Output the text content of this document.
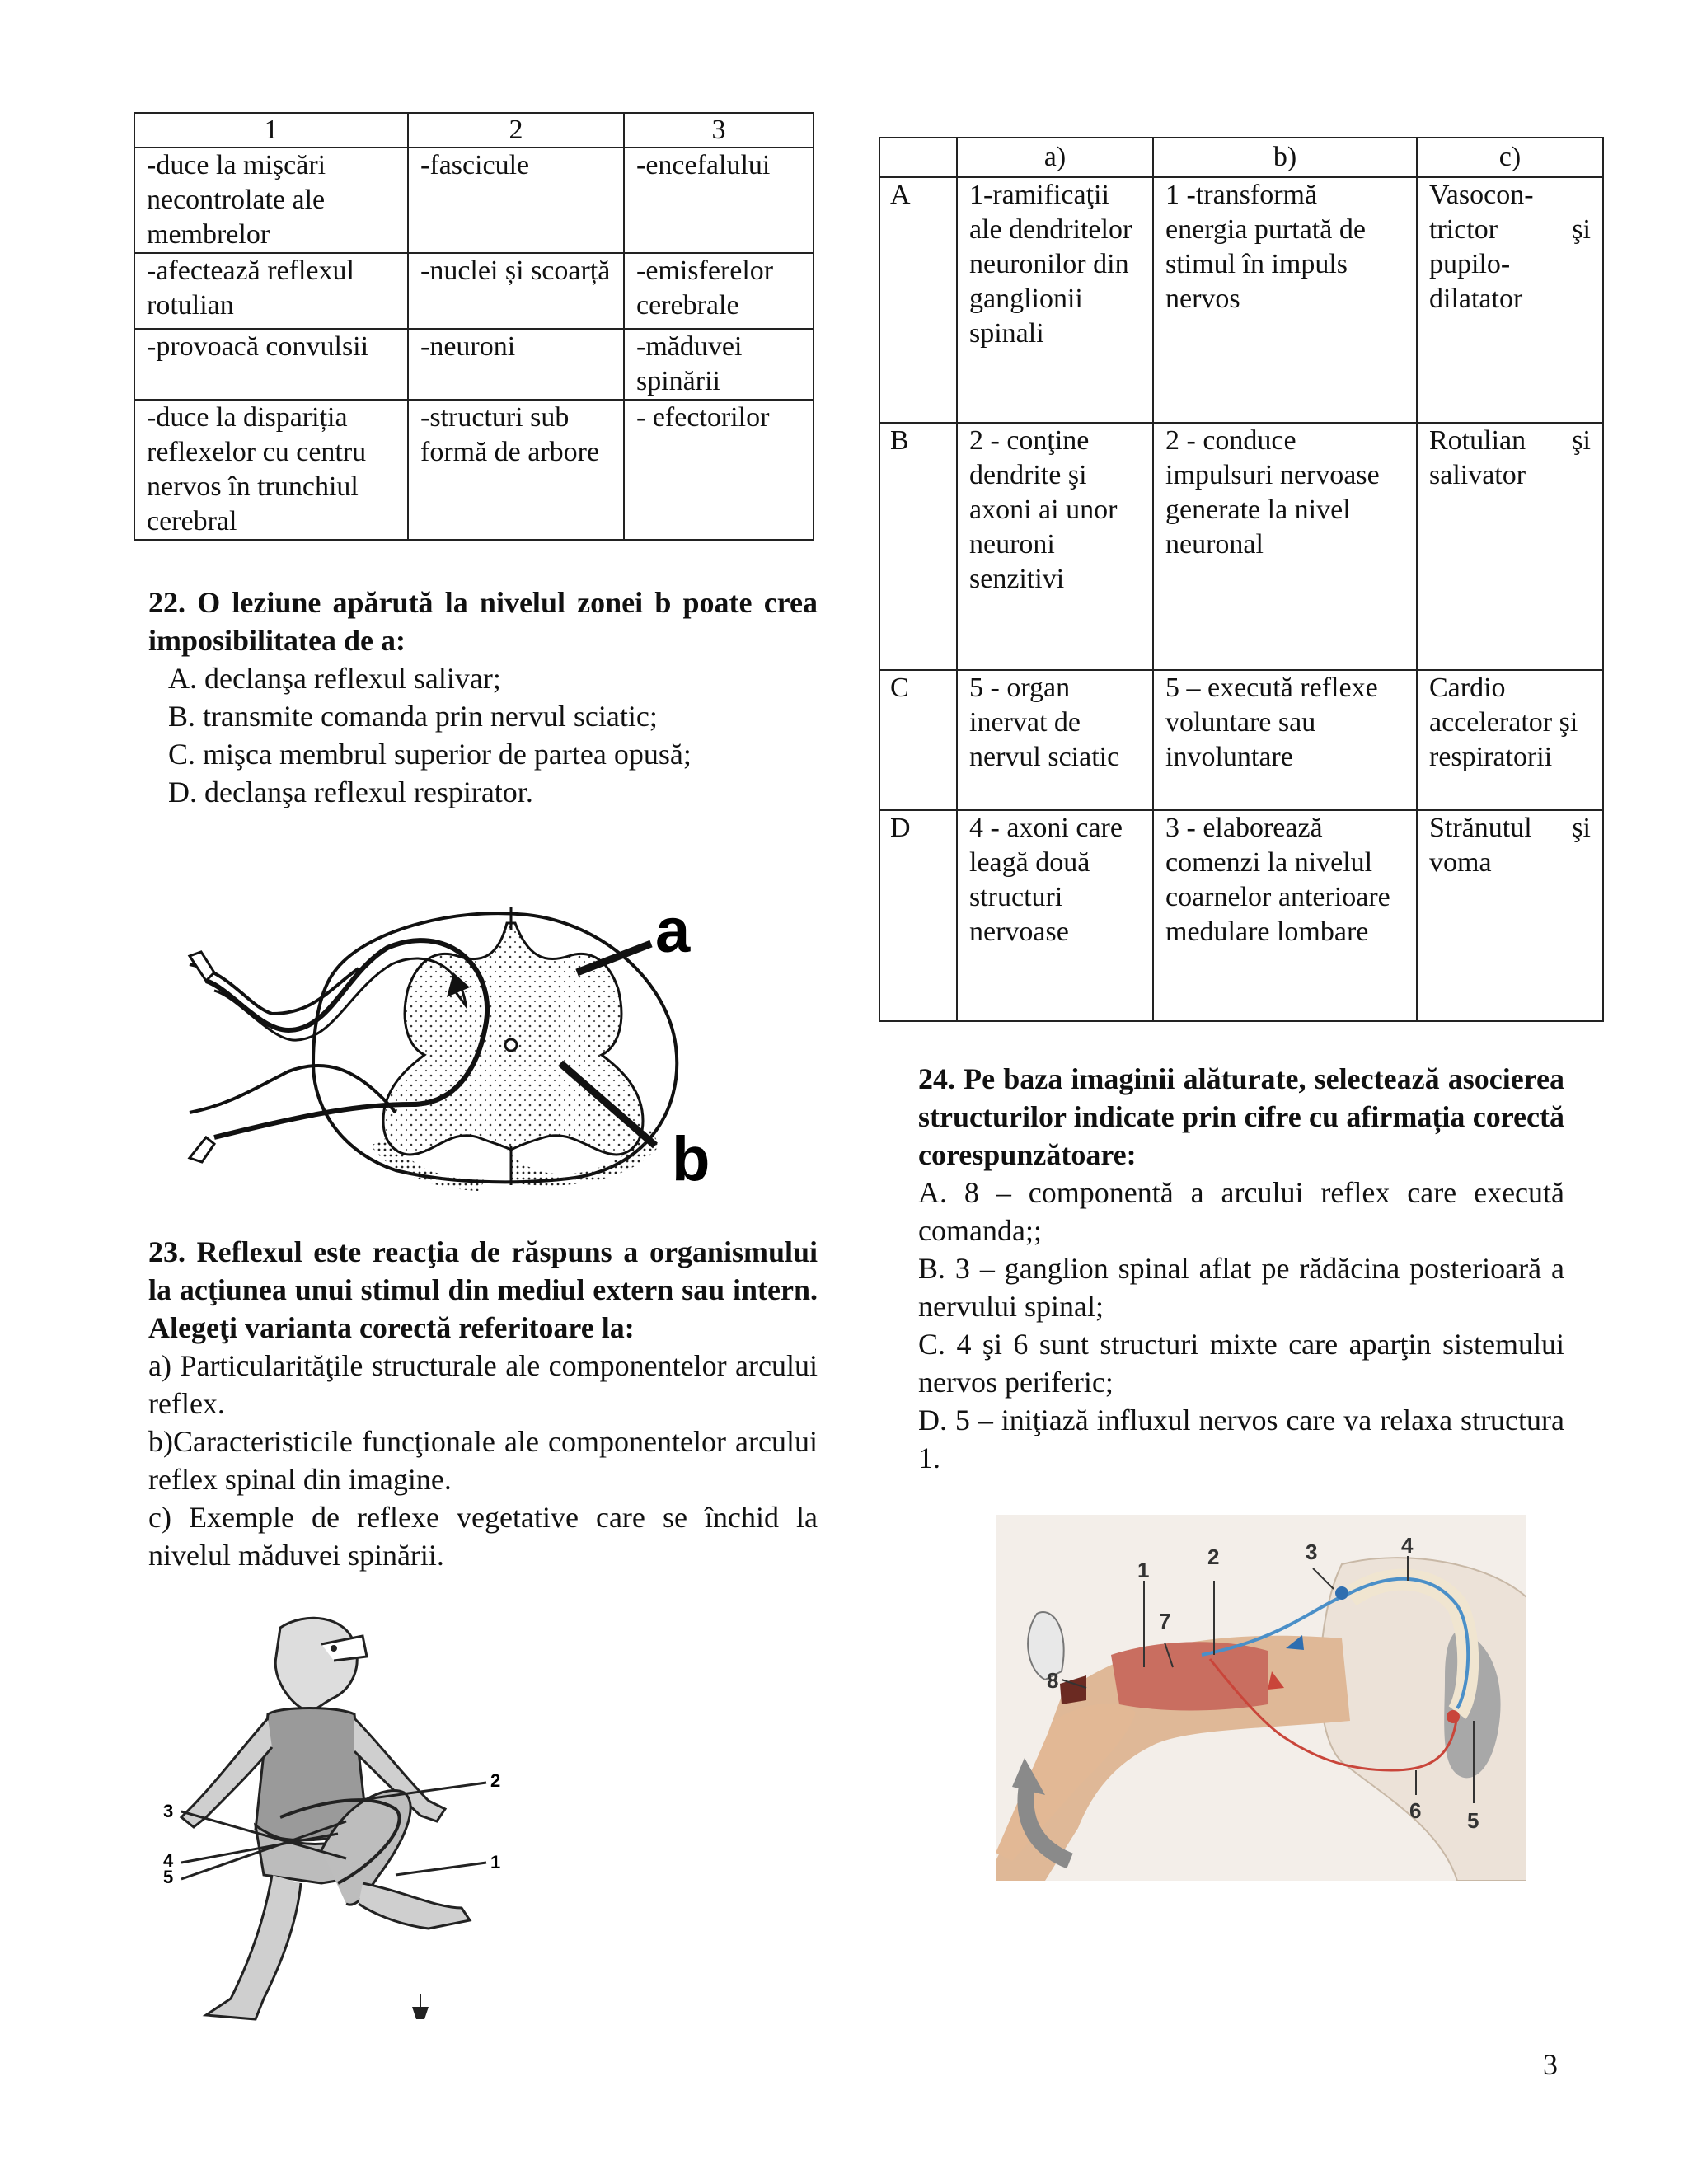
1	2	3
-duce la mişcări necontrolate ale membrelor	-fascicule	-encefalului
-afectează reflexul rotulian	-nuclei și scoarță	-emisferelor cerebrale
-provoacă convulsii	-neuroni	-măduvei spinării
-duce la dispariția reflexelor cu centru nervos în trunchiul cerebral	-structuri sub formă de arbore	- efectorilor
22. O leziune apărută la nivelul zonei b poate crea imposibilitatea de a:
A. declanşa reflexul salivar;
B. transmite comanda prin nervul sciatic;
C. mişca membrul superior de partea opusă;
D. declanşa reflexul respirator.
a
b
23. Reflexul este reacţia de răspuns a organismului la acţiunea unui stimul din mediul extern sau intern. Alegeţi varianta corectă referitoare la:
a) Particularităţile structurale ale componentelor arcului reflex.
b)Caracteristicile funcţionale ale componentelor arcului reflex spinal din imagine.
c) Exemple de reflexe vegetative care se închid la nivelul măduvei spinării.
3
4
5
2
1
	a)	b)	c)
A	1-ramificaţii ale dendritelor neuronilor din ganglionii spinali	1 -transformă energia purtată de stimul în impuls nervos	Vasocon-trictor şi pupilo-dilatator
B	2 - conţine dendrite şi axoni ai unor neuroni senzitivi	2 - conduce impulsuri nervoase generate la nivel neuronal	Rotulian şi salivator
C	5 - organ inervat de nervul sciatic	5 – execută reflexe voluntare sau involuntare	Cardio accelerator şi respiratorii
D	4 - axoni care leagă două structuri nervoase	3 - elaborează comenzi la nivelul coarnelor anterioare medulare lombare	Strănutul şi voma
24. Pe baza imaginii alăturate, selectează asocierea structurilor indicate prin cifre cu afirmația corectă corespunzătoare:
A. 8 – componentă a arcului reflex care execută comanda;;
B. 3 – ganglion spinal aflat pe rădăcina posterioară a nervului spinal;
C. 4 şi 6 sunt structuri mixte care aparţin sistemului nervos periferic;
D. 5 – iniţiază influxul nervos care va relaxa structura 1.
1
2	3	4
5
6
7
8
3
